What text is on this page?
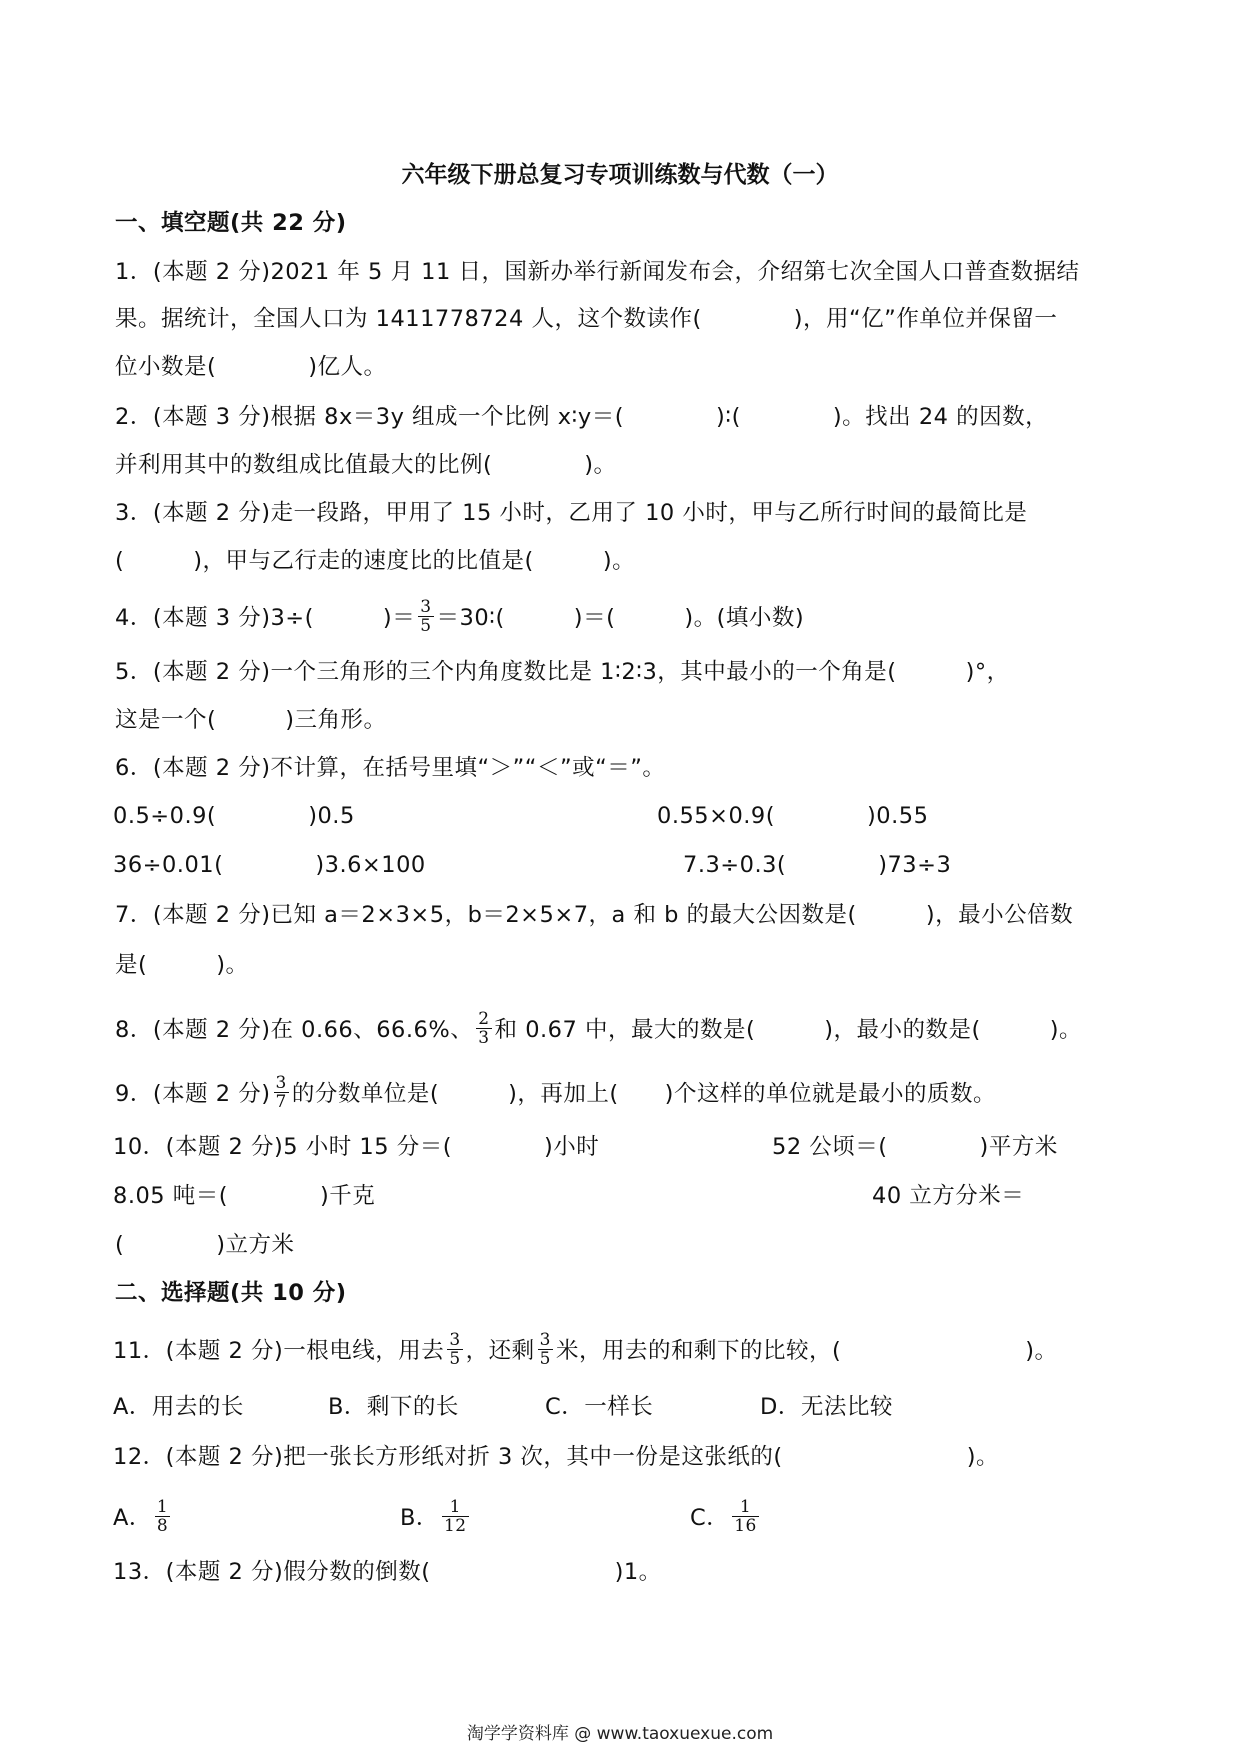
六年级下册总复习专项训练数与代数（一）
一、填空题(共 22 分)
1．(本题 2 分)2021 年 5 月 11 日，国新办举行新闻发布会，介绍第七次全国人口普查数据结
果。据统计，全国人口为 1411778724 人，这个数读作(　　　　)，用“亿”作单位并保留一
位小数是(　　　　)亿人。
2．(本题 3 分)根据 8x＝3y 组成一个比例 x∶y＝(　　　　)∶(　　　　)。找出 24 的因数，
并利用其中的数组成比值最大的比例(　　　　)。
3．(本题 2 分)走一段路，甲用了 15 小时，乙用了 10 小时，甲与乙所行时间的最简比是
(　　　)，甲与乙行走的速度比的比值是(　　　)。
4．(本题 3 分)3÷(　　　)＝ $\frac{3}{5}$ ＝30∶(　　　)＝(　　　)。(填小数)
5．(本题 2 分)一个三角形的三个内角度数比是 1∶2∶3，其中最小的一个角是(　　　)°，
这是一个(　　　)三角形。
6．(本题 2 分)不计算，在括号里填“＞”“＜”或“＝”。
0.5÷0.9(　　　　)0.5	0.55×0.9(　　　　)0.55
36÷0.01(　　　　)3.6×100	7.3÷0.3(　　　　)73÷3
7．(本题 2 分)已知 a＝2×3×5，b＝2×5×7，a 和 b 的最大公因数是(　　　)，最小公倍数
是(　　　)。
8．(本题 2 分)在 0.66、66.6%、 $\frac{2}{3}$ 和 0.67 中，最大的数是(　　　)，最小的数是(　　　)。
9．(本题 2 分) $\frac{3}{7}$ 的分数单位是(　　　)，再加上(　　)个这样的单位就是最小的质数。
10．(本题 2 分)5 小时 15 分＝(　　　　)小时	52 公顷＝(　　　　)平方米
8.05 吨＝(　　　　)千克	40 立方分米＝
(　　　　)立方米
二、选择题(共 10 分)
11．(本题 2 分)一根电线，用去 $\frac{3}{5}$ ，还剩 $\frac{3}{5}$ 米，用去的和剩下的比较，(　　　　　　　　)。
A．用去的长	B．剩下的长	C．一样长	D．无法比较
12．(本题 2 分)把一张长方形纸对折 3 次，其中一份是这张纸的(　　　　　　　　)。
A． $\frac{1}{8}$	B． $\frac{1}{12}$	C． $\frac{1}{16}$
13．(本题 2 分)假分数的倒数(　　　　　　　　)1。
淘学学资料库 @ www.taoxuexue.com
